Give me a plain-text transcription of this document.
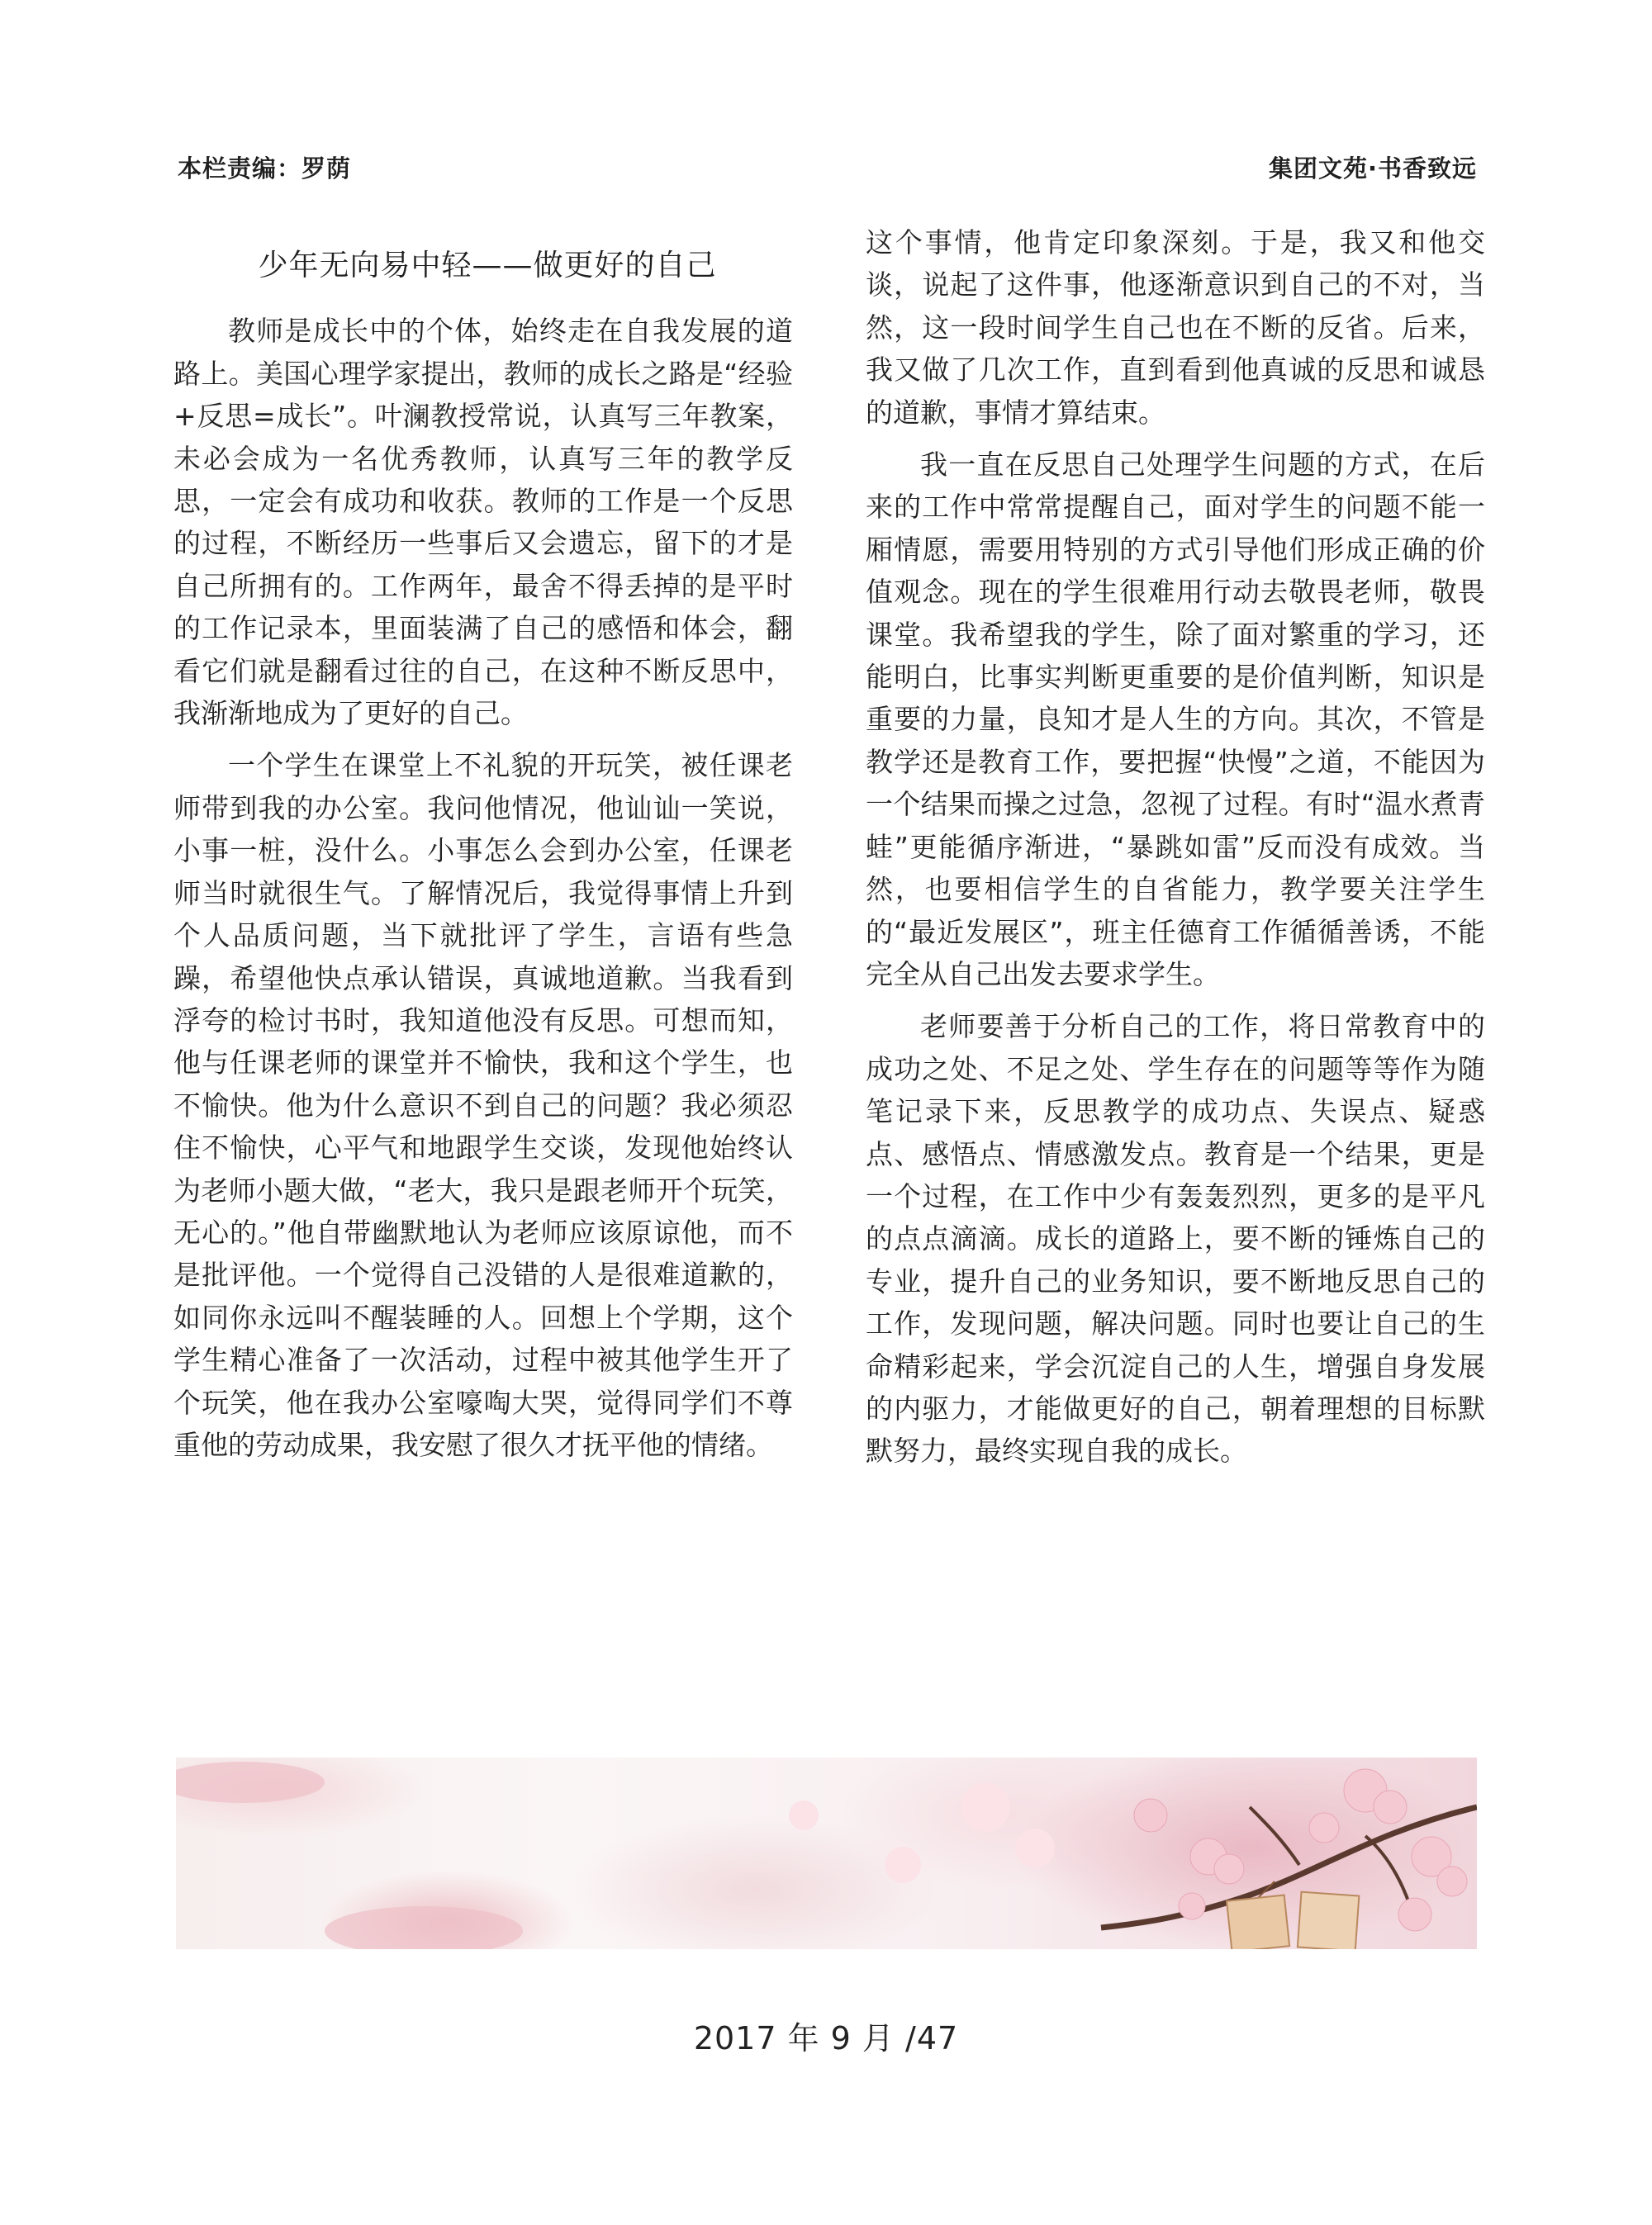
本栏责编：罗荫	集团文苑·书香致远
少年无向易中轻——做更好的自己

教师是成长中的个体，始终走在自我发展的道路上。美国心理学家提出，教师的成长之路是“经验+反思=成长”。叶澜教授常说，认真写三年教案，未必会成为一名优秀教师，认真写三年的教学反思，一定会有成功和收获。教师的工作是一个反思的过程，不断经历一些事后又会遗忘，留下的才是自己所拥有的。工作两年，最舍不得丢掉的是平时的工作记录本，里面装满了自己的感悟和体会，翻看它们就是翻看过往的自己，在这种不断反思中，我渐渐地成为了更好的自己。

一个学生在课堂上不礼貌的开玩笑，被任课老师带到我的办公室。我问他情况，他讪讪一笑说，小事一桩，没什么。小事怎么会到办公室，任课老师当时就很生气。了解情况后，我觉得事情上升到个人品质问题，当下就批评了学生，言语有些急躁，希望他快点承认错误，真诚地道歉。当我看到浮夸的检讨书时，我知道他没有反思。可想而知，他与任课老师的课堂并不愉快，我和这个学生，也不愉快。他为什么意识不到自己的问题？我必须忍住不愉快，心平气和地跟学生交谈，发现他始终认为老师小题大做，“老大，我只是跟老师开个玩笑，无心的。”他自带幽默地认为老师应该原谅他，而不是批评他。一个觉得自己没错的人是很难道歉的，如同你永远叫不醒装睡的人。回想上个学期，这个学生精心准备了一次活动，过程中被其他学生开了个玩笑，他在我办公室嚎啕大哭，觉得同学们不尊重他的劳动成果，我安慰了很久才抚平他的情绪。

这个事情，他肯定印象深刻。于是，我又和他交谈，说起了这件事，他逐渐意识到自己的不对，当然，这一段时间学生自己也在不断的反省。后来，我又做了几次工作，直到看到他真诚的反思和诚恳的道歉，事情才算结束。

我一直在反思自己处理学生问题的方式，在后来的工作中常常提醒自己，面对学生的问题不能一厢情愿，需要用特别的方式引导他们形成正确的价值观念。现在的学生很难用行动去敬畏老师，敬畏课堂。我希望我的学生，除了面对繁重的学习，还能明白，比事实判断更重要的是价值判断，知识是重要的力量，良知才是人生的方向。其次，不管是教学还是教育工作，要把握“快慢”之道，不能因为一个结果而操之过急，忽视了过程。有时“温水煮青蛙”更能循序渐进，“暴跳如雷”反而没有成效。当然，也要相信学生的自省能力，教学要关注学生的“最近发展区”，班主任德育工作循循善诱，不能完全从自己出发去要求学生。

老师要善于分析自己的工作，将日常教育中的成功之处、不足之处、学生存在的问题等等作为随笔记录下来，反思教学的成功点、失误点、疑惑点、感悟点、情感激发点。教育是一个结果，更是一个过程，在工作中少有轰轰烈烈，更多的是平凡的点点滴滴。成长的道路上，要不断的锤炼自己的专业，提升自己的业务知识，要不断地反思自己的工作，发现问题，解决问题。同时也要让自己的生命精彩起来，学会沉淀自己的人生，增强自身发展的内驱力，才能做更好的自己，朝着理想的目标默默努力，最终实现自我的成长。

2017 年 9 月 /47
